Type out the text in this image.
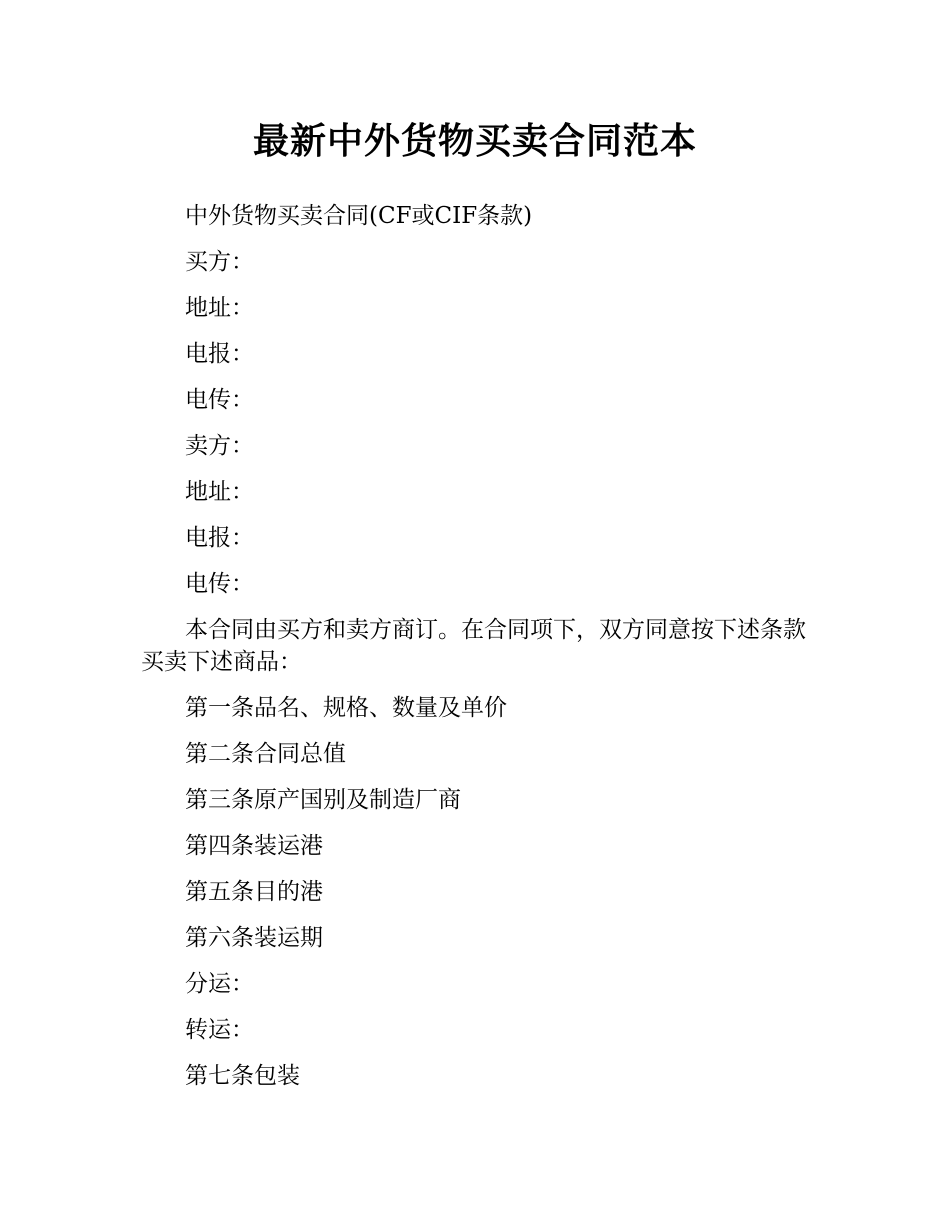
最新中外货物买卖合同范本

中外货物买卖合同(CF或CIF条款)

买方：

地址：

电报：

电传：

卖方：

地址：

电报：

电传：

本合同由买方和卖方商订。在合同项下，双方同意按下述条款买卖下述商品：

第一条品名、规格、数量及单价

第二条合同总值

第三条原产国别及制造厂商

第四条装运港

第五条目的港

第六条装运期

分运：

转运：

第七条包装
